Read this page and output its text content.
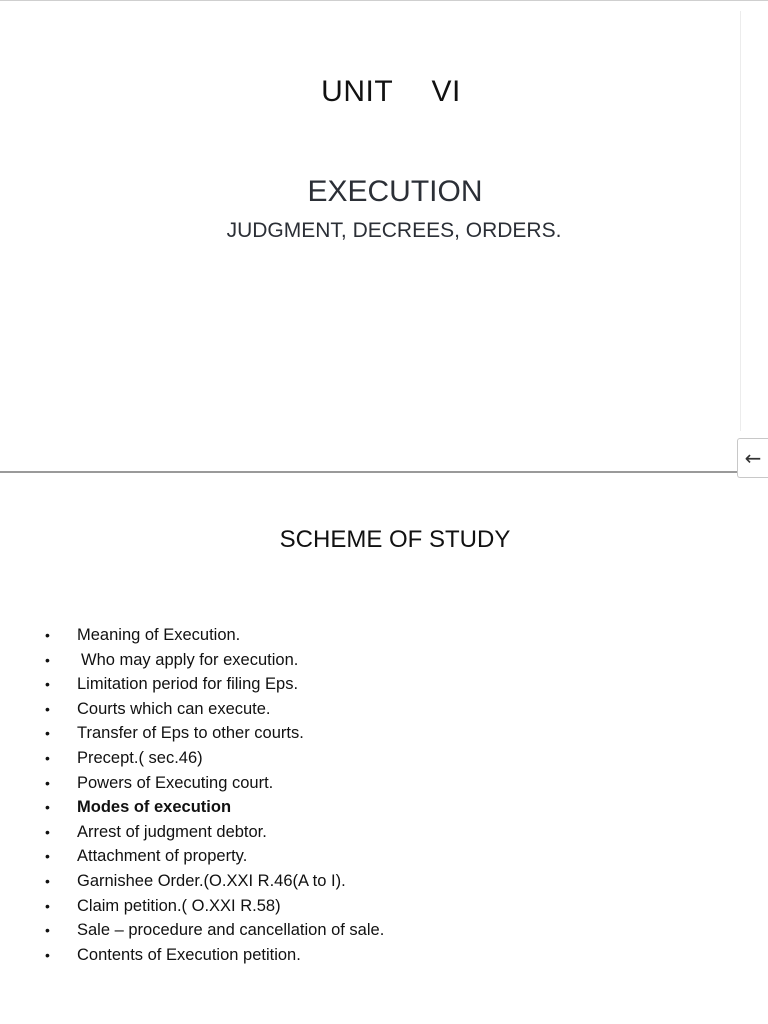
UNIT VI
EXECUTION
JUDGMENT, DECREES, ORDERS.
←
SCHEME OF STUDY
•	Meaning of Execution.
•	Who may apply for execution.
•	Limitation period for filing Eps.
•	Courts which can execute.
•	Transfer of Eps to other courts.
•	Precept.( sec.46)
•	Powers of Executing court.
•	Modes of execution
•	Arrest of judgment debtor.
•	Attachment of property.
•	Garnishee Order.(O.XXI R.46(A to I).
•	Claim petition.( O.XXI R.58)
•	Sale – procedure and cancellation of sale.
•	Contents of Execution petition.
